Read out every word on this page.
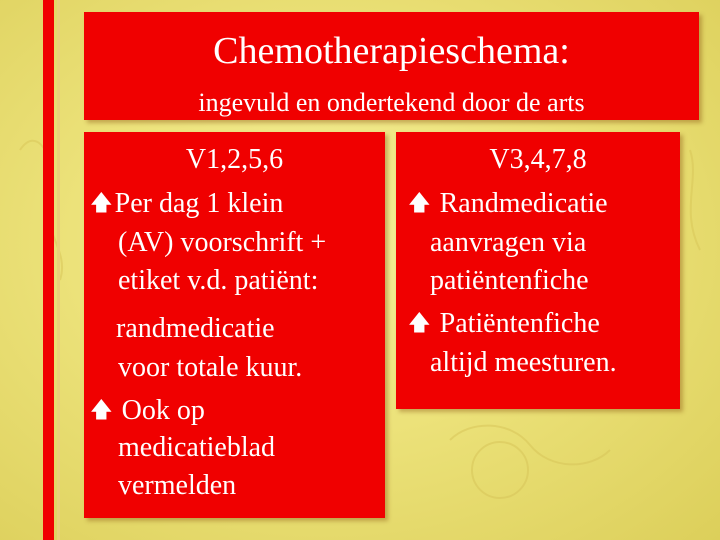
Chemotherapieschema:
ingevuld en ondertekend door de arts
V1,2,5,6
🡅Per dag 1 klein
(AV) voorschrift +
etiket v.d. patiënt:
randmedicatie
voor totale kuur.
🡅 Ook op
medicatieblad
vermelden
V3,4,7,8
🡅 Randmedicatie
aanvragen via
patiëntenfiche
🡅 Patiëntenfiche
altijd meesturen.
